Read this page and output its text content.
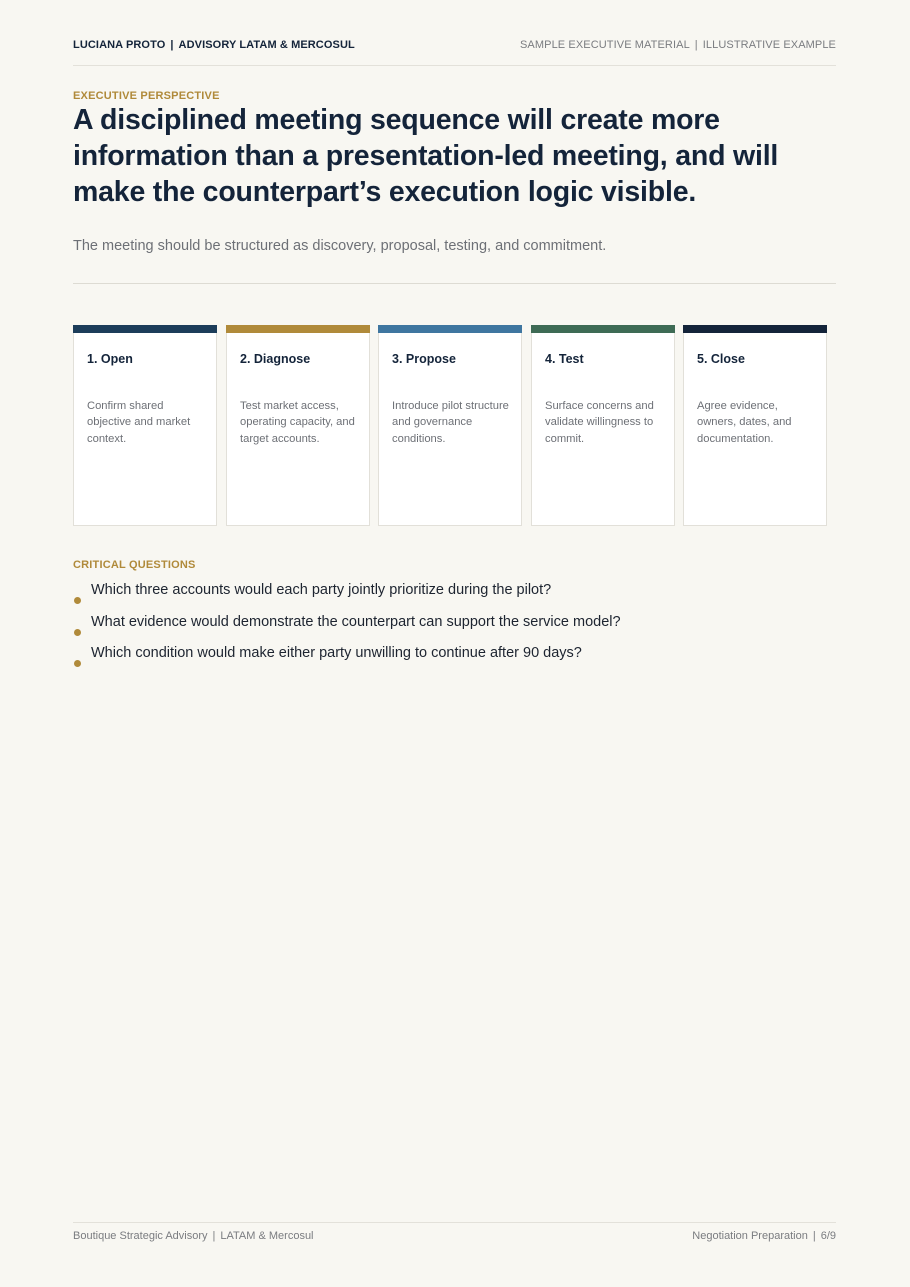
LUCIANA PROTO | ADVISORY LATAM & MERCOSUL	SAMPLE EXECUTIVE MATERIAL | ILLUSTRATIVE EXAMPLE
EXECUTIVE PERSPECTIVE
A disciplined meeting sequence will create more information than a presentation-led meeting, and will make the counterpart’s execution logic visible.
The meeting should be structured as discovery, proposal, testing, and commitment.
1. Open
Confirm shared objective and market context.
2. Diagnose
Test market access, operating capacity, and target accounts.
3. Propose
Introduce pilot structure and governance conditions.
4. Test
Surface concerns and validate willingness to commit.
5. Close
Agree evidence, owners, dates, and documentation.
CRITICAL QUESTIONS
Which three accounts would each party jointly prioritize during the pilot?
What evidence would demonstrate the counterpart can support the service model?
Which condition would make either party unwilling to continue after 90 days?
Boutique Strategic Advisory | LATAM & Mercosul	Negotiation Preparation | 6/9
